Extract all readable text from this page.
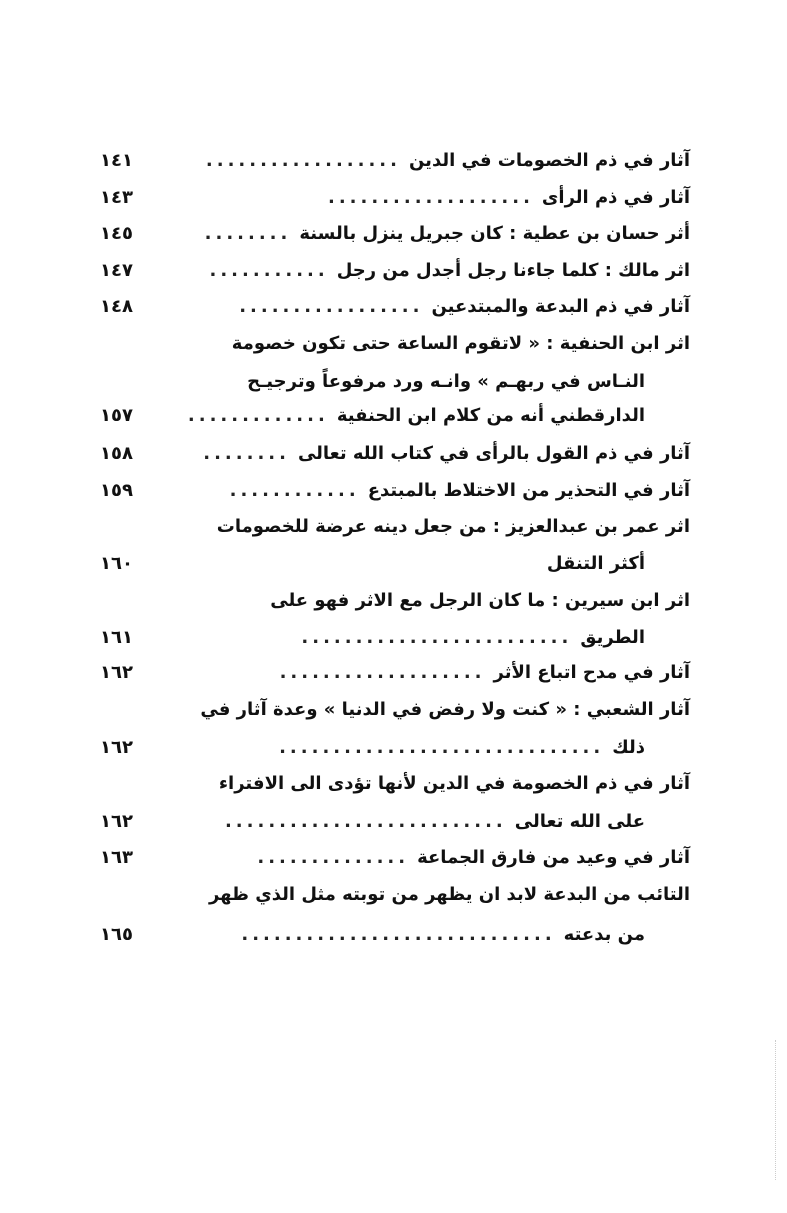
آثار في ذم الخصومات في الدين
..................
١٤١
آثار في ذم الرأى
...................
١٤٣
أثر حسان بن عطية : كان جبريل ينزل بالسنة
........
١٤٥
اثر مالك : كلما جاءنا رجل أجدل من رجل
...........
١٤٧
آثار في ذم البدعة والمبتدعين
.................
١٤٨
اثر ابن الحنفية : « لاتقوم الساعة حتى تكون خصومة
النـاس في ربهـم » وانـه ورد مرفوعاً وترجيـح
الدارقطني أنه من كلام ابن الحنفية
.............
١٥٧
آثار في ذم القول بالرأى في كتاب الله تعالى
........
١٥٨
آثار في التحذير من الاختلاط بالمبتدع
............
١٥٩
اثر عمر بن عبدالعزيز : من جعل دينه عرضة للخصومات
أكثر التنقل
١٦٠
اثر ابن سيرين : ما كان الرجل مع الاثر فهو على
الطريق
.........................
١٦١
آثار في مدح اتباع الأثر
...................
١٦٢
آثار الشعبي : « كنت ولا رفض في الدنيا » وعدة آثار في
ذلك
..............................
١٦٢
آثار في ذم الخصومة في الدين لأنها تؤدى الى الافتراء
على الله تعالى
..........................
١٦٢
آثار في وعيد من فارق الجماعة
..............
١٦٣
التائب من البدعة لابد ان يظهر من توبته مثل الذي ظهر
من بدعته
.............................
١٦٥
